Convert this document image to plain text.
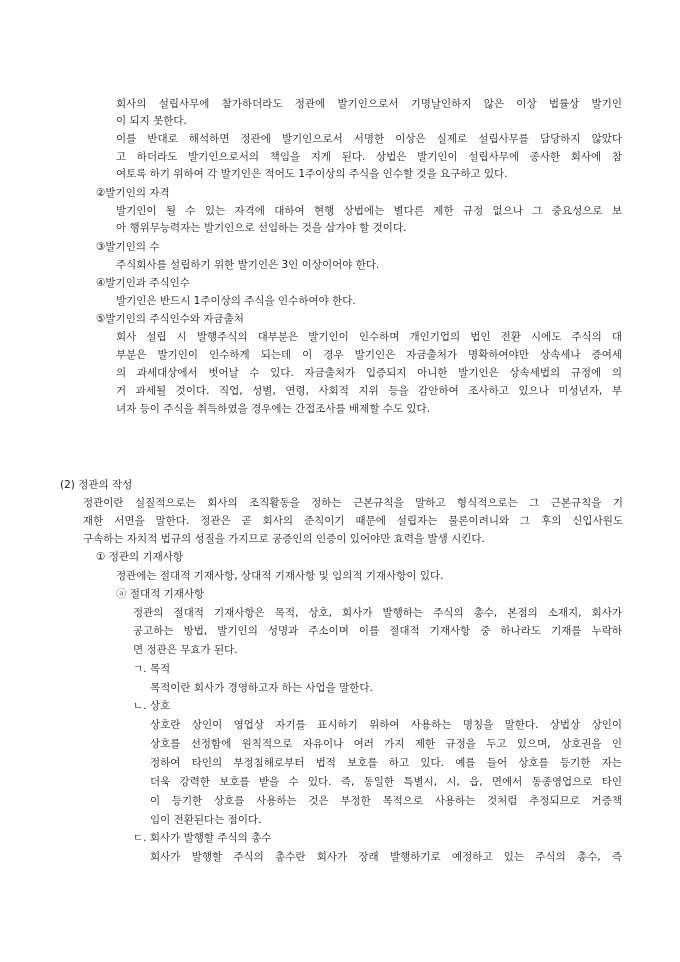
회사의 설립사무에 참가하더라도 정관에 발기인으로서 기명날인하지 않은 이상 법률상 발기인
이 되지 못한다.
이를 반대로 해석하면 정관에 발기인으로서 서명한 이상은 실제로 설립사무를 담당하지 않았다
고 하더라도 발기인으로서의 책임을 지게 된다. 상법은 발기인이 설립사무에 종사한 회사에 참
여토록 하기 위하여 각 발기인은 적어도 1주이상의 주식을 인수할 것을 요구하고 있다.
②발기인의 자격
발기인이 될 수 있는 자격에 대하여 현행 상법에는 별다른 제한 규정 없으나 그 중요성으로 보
아 행위무능력자는 발기인으로 선임하는 것을 삼가야 할 것이다.
③발기인의 수
주식회사를 설립하기 위한 발기인은 3인 이상이어야 한다.
④발기인과 주식인수
발기인은 반드시 1주이상의 주식을 인수하여야 한다.
⑤발기인의 주식인수와 자금출처
회사 설립 시 발행주식의 대부분은 발기인이 인수하며 개인기업의 법인 전환 시에도 주식의 대
부분은 발기인이 인수하게 되는데 이 경우 발기인은 자금출처가 명확하여야만 상속세나 증여세
의 과세대상에서 벗어날 수 있다. 자금출처가 입증되지 아니한 발기인은 상속세법의 규정에 의
거 과세될 것이다. 직업, 성별, 연령, 사회적 지위 등을 감안하여 조사하고 있으나 미성년자, 부
녀자 등이 주식을 취득하였을 경우에는 간접조사를 배제할 수도 있다.
(2) 정관의 작성
정관이란 실질적으로는 회사의 조직활동을 정하는 근본규칙을 말하고 형식적으로는 그 근본규칙을 기
재한 서면을 말한다. 정관은 곧 회사의 준칙이기 때문에 설립자는 물론이려니와 그 후의 신입사원도
구속하는 자치적 법규의 성질을 가지므로 공증인의 인증이 있어야만 효력을 발생 시킨다.
① 정관의 기재사항
정관에는 절대적 기재사항, 상대적 기재사항 및 임의적 기재사항이 있다.
ⓐ 절대적 기재사항
정관의 절대적 기재사항은 목적, 상호, 회사가 발행하는 주식의 총수, 본점의 소재지, 회사가
공고하는 방법, 발기인의 성명과 주소이며 이를 절대적 기재사항 중 하나라도 기재를 누락하
면 정관은 무효가 된다.
ㄱ. 목적
목적이란 회사가 경영하고자 하는 사업을 말한다.
ㄴ. 상호
상호란 상인이 영업상 자기를 표시하기 위하여 사용하는 명칭을 말한다. 상법상 상인이
상호를 선정함에 원칙적으로 자유이나 여러 가지 제한 규정을 두고 있으며, 상호권을 인
정하여 타인의 부정침해로부터 법적 보호를 하고 있다. 예를 들어 상호를 등기한 자는
더욱 강력한 보호를 받을 수 있다. 즉, 동일한 특별시, 시, 읍, 면에서 동종영업으로 타인
이 등기한 상호를 사용하는 것은 부정한 목적으로 사용하는 것처럼 추정되므로 거증책
임이 전환된다는 점이다.
ㄷ. 회사가 발행할 주식의 총수
회사가 발행할 주식의 총수란 회사가 장래 발행하기로 예정하고 있는 주식의 총수, 즉
